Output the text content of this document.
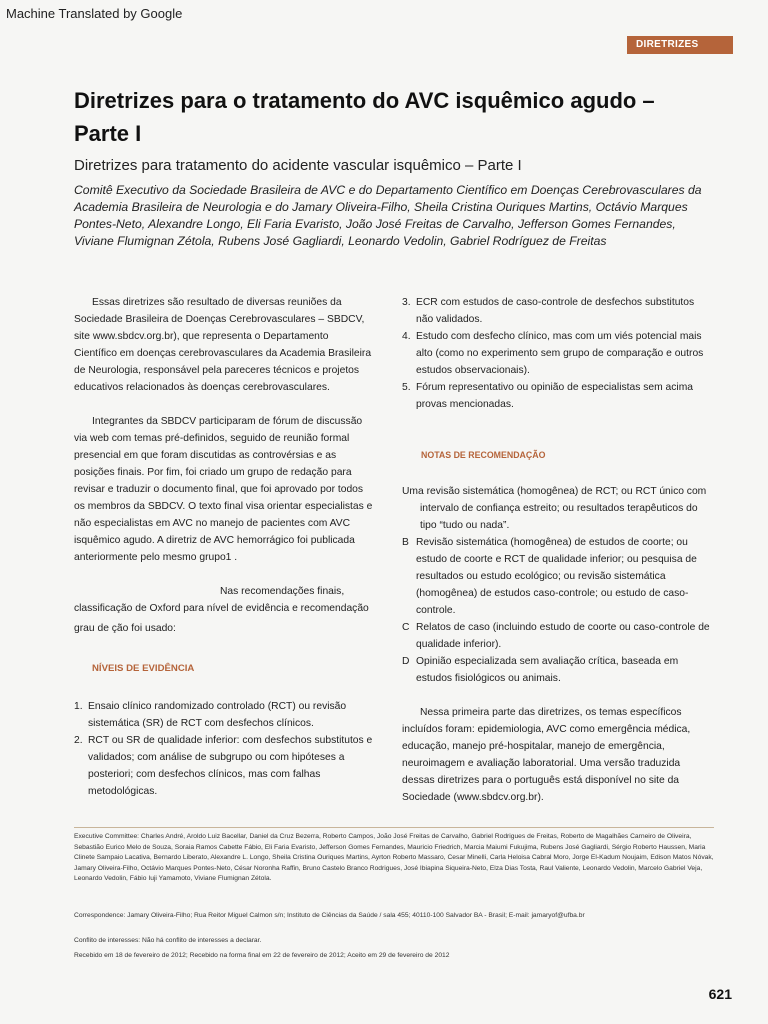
Machine Translated by Google
DIRETRIZES
Diretrizes para o tratamento do AVC isquêmico agudo – Parte I
Diretrizes para tratamento do acidente vascular isquêmico – Parte I
Comitê Executivo da Sociedade Brasileira de AVC e do Departamento Científico em Doenças Cerebrovasculares da Academia Brasileira de Neurologia e do Jamary Oliveira-Filho, Sheila Cristina Ouriques Martins, Octávio Marques Pontes-Neto, Alexandre Longo, Eli Faria Evaristo, João José Freitas de Carvalho, Jefferson Gomes Fernandes, Viviane Flumignan Zétola, Rubens José Gagliardi, Leonardo Vedolin, Gabriel Rodríguez de Freitas

Essas diretrizes são resultado de diversas reuniões da Sociedade Brasileira de Doenças Cerebrovasculares – SBDCV, site www.sbdcv.org.br), que representa o Departamento Científico em doenças cerebrovasculares da Academia Brasileira de Neurologia, responsável pela pareceres técnicos e projetos educativos relacionados às doenças cerebrovasculares.

Integrantes da SBDCV participaram de fórum de discussão via web com temas pré-definidos, seguido de reunião formal presencial em que foram discutidas as controvérsias e as posições finais. Por fim, foi criado um grupo de redação para revisar e traduzir o documento final, que foi aprovado por todos os membros da SBDCV. O texto final visa orientar especialistas e não especialistas em AVC no manejo de pacientes com AVC isquêmico agudo. A diretriz de AVC hemorrágico foi publicada anteriormente pelo mesmo grupo1 .

Nas recomendações finais,

classificação de Oxford para nível de evidência e recomendação

grau de ção foi usado:

NÍVEIS DE EVIDÊNCIA

1. Ensaio clínico randomizado controlado (RCT) ou revisão sistemática (SR) de RCT com desfechos clínicos.
2. RCT ou SR de qualidade inferior: com desfechos substitutos e validados; com análise de subgrupo ou com hipóteses a posteriori; com desfechos clínicos, mas com falhas metodológicas.
3. ECR com estudos de caso-controle de desfechos substitutos não validados.
4. Estudo com desfecho clínico, mas com um viés potencial mais alto (como no experimento sem grupo de comparação e outros estudos observacionais).
5. Fórum representativo ou opinião de especialistas sem acima provas mencionadas.

NOTAS DE RECOMENDAÇÃO

Uma revisão sistemática (homogênea) de RCT; ou RCT único com intervalo de confiança estreito; ou resultados terapêuticos do tipo “tudo ou nada”.
B Revisão sistemática (homogênea) de estudos de coorte; ou estudo de coorte e RCT de qualidade inferior; ou pesquisa de resultados ou estudo ecológico; ou revisão sistemática (homogênea) de estudos caso-controle; ou estudo de caso-controle.
C Relatos de caso (incluindo estudo de coorte ou caso-controle de qualidade inferior).
D Opinião especializada sem avaliação crítica, baseada em estudos fisiológicos ou animais.

Nessa primeira parte das diretrizes, os temas específicos incluídos foram: epidemiologia, AVC como emergência médica, educação, manejo pré-hospitalar, manejo de emergência, neuroimagem e avaliação laboratorial. Uma versão traduzida dessas diretrizes para o português está disponível no site da Sociedade (www.sbdcv.org.br).

Executive Committee: Charles André, Aroldo Luiz Bacellar, Daniel da Cruz Bezerra, Roberto Campos, João José Freitas de Carvalho, Gabriel Rodrigues de Freitas, Roberto de Magalhães Carneiro de Oliveira, Sebastião Eurico Melo de Souza, Soraia Ramos Cabette Fábio, Eli Faria Evaristo, Jefferson Gomes Fernandes, Mauricio Friedrich, Marcia Maiumi Fukujima, Rubens José Gagliardi, Sérgio Roberto Haussen, Maria Clinete Sampaio Lacativa, Bernardo Liberato, Alexandre L. Longo, Sheila Cristina Ouriques Martins, Ayrton Roberto Massaro, Cesar Minelli, Carla Heloisa Cabral Moro, Jorge El-Kadum Noujaim, Edison Matos Nóvak, Jamary Oliveira-Filho, Octávio Marques Pontes-Neto, César Noronha Raffin, Bruno Castelo Branco Rodrigues, José Ibiapina Siqueira-Neto, Elza Dias Tosta, Raul Valiente, Leonardo Vedolin, Marcelo Gabriel Veja, Leonardo Vedolin, Fábio Iuji Yamamoto, Viviane Flumignan Zétola.
Correspondence: Jamary Oliveira-Filho; Rua Reitor Miguel Calmon s/n; Instituto de Ciências da Saúde / sala 455; 40110-100 Salvador BA - Brasil; E-mail: jamaryof@ufba.br
Conflito de interesses: Não há conflito de interesses a declarar.
Recebido em 18 de fevereiro de 2012; Recebido na forma final em 22 de fevereiro de 2012; Aceito em 29 de fevereiro de 2012
621
